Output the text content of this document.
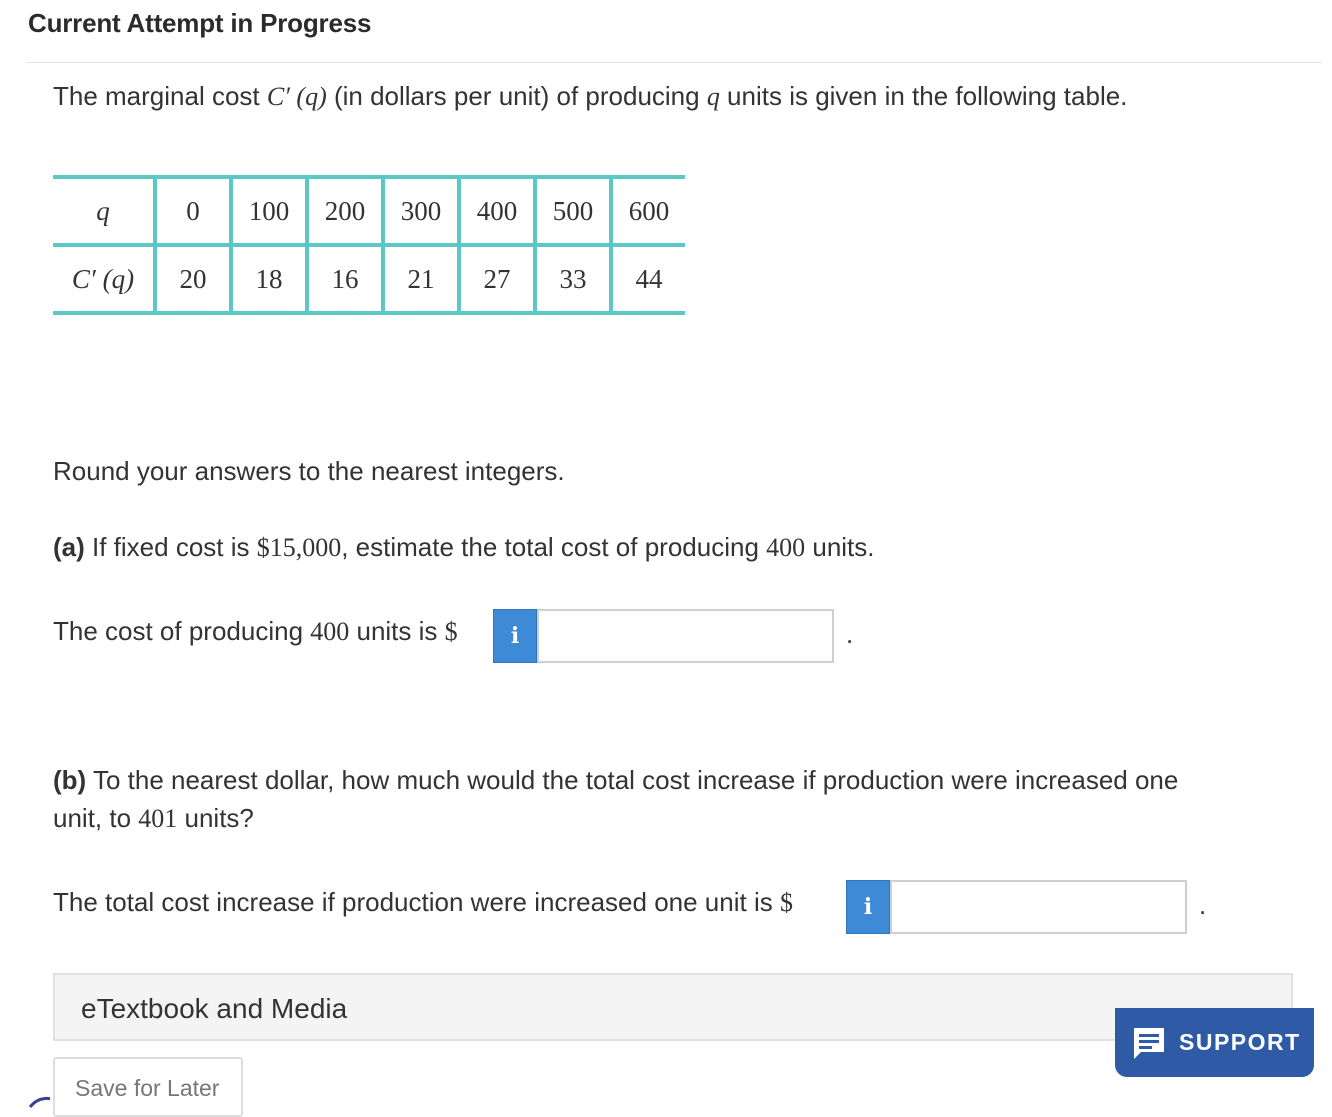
Current Attempt in Progress
The marginal cost C′ (q) (in dollars per unit) of producing q units is given in the following table.
q	0	100	200	300	400	500	600
C′ (q)	20	18	16	21	27	33	44
Round your answers to the nearest integers.
(a) If fixed cost is $15,000, estimate the total cost of producing 400 units.
The cost of producing 400 units is $	i	.
(b) To the nearest dollar, how much would the total cost increase if production were increased one
unit, to 401 units?
The total cost increase if production were increased one unit is $	i	.
eTextbook and Media
Save for Later
SUPPORT
